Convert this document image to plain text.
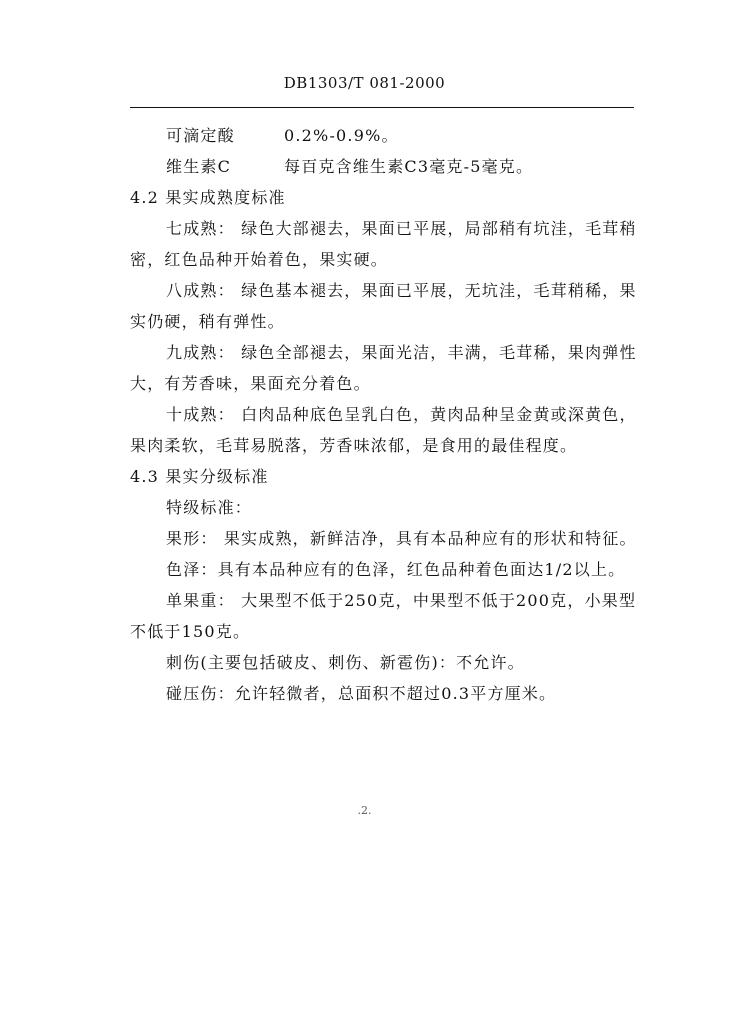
DB1303/T 081-2000
可滴定酸	0.2%-0.9%。
维生素C	每百克含维生素C3毫克-5毫克。

4.2 果实成熟度标准

七成熟： 绿色大部褪去，果面已平展，局部稍有坑洼，毛茸稍密，红色品种开始着色，果实硬。

八成熟： 绿色基本褪去，果面已平展，无坑洼，毛茸稍稀，果实仍硬，稍有弹性。

九成熟： 绿色全部褪去，果面光洁，丰满，毛茸稀，果肉弹性大，有芳香味，果面充分着色。

十成熟： 白肉品种底色呈乳白色，黄肉品种呈金黄或深黄色， 果肉柔软，毛茸易脱落，芳香味浓郁，是食用的最佳程度。

4.3 果实分级标准

特级标准：

果形： 果实成熟，新鲜洁净，具有本品种应有的形状和特征。

色泽：具有本品种应有的色泽，红色品种着色面达1/2以上。

单果重： 大果型不低于250克，中果型不低于200克，小果型不低于150克。

刺伤(主要包括破皮、刺伤、新雹伤)：不允许。

碰压伤：允许轻微者，总面积不超过0.3平方厘米。

.2.
